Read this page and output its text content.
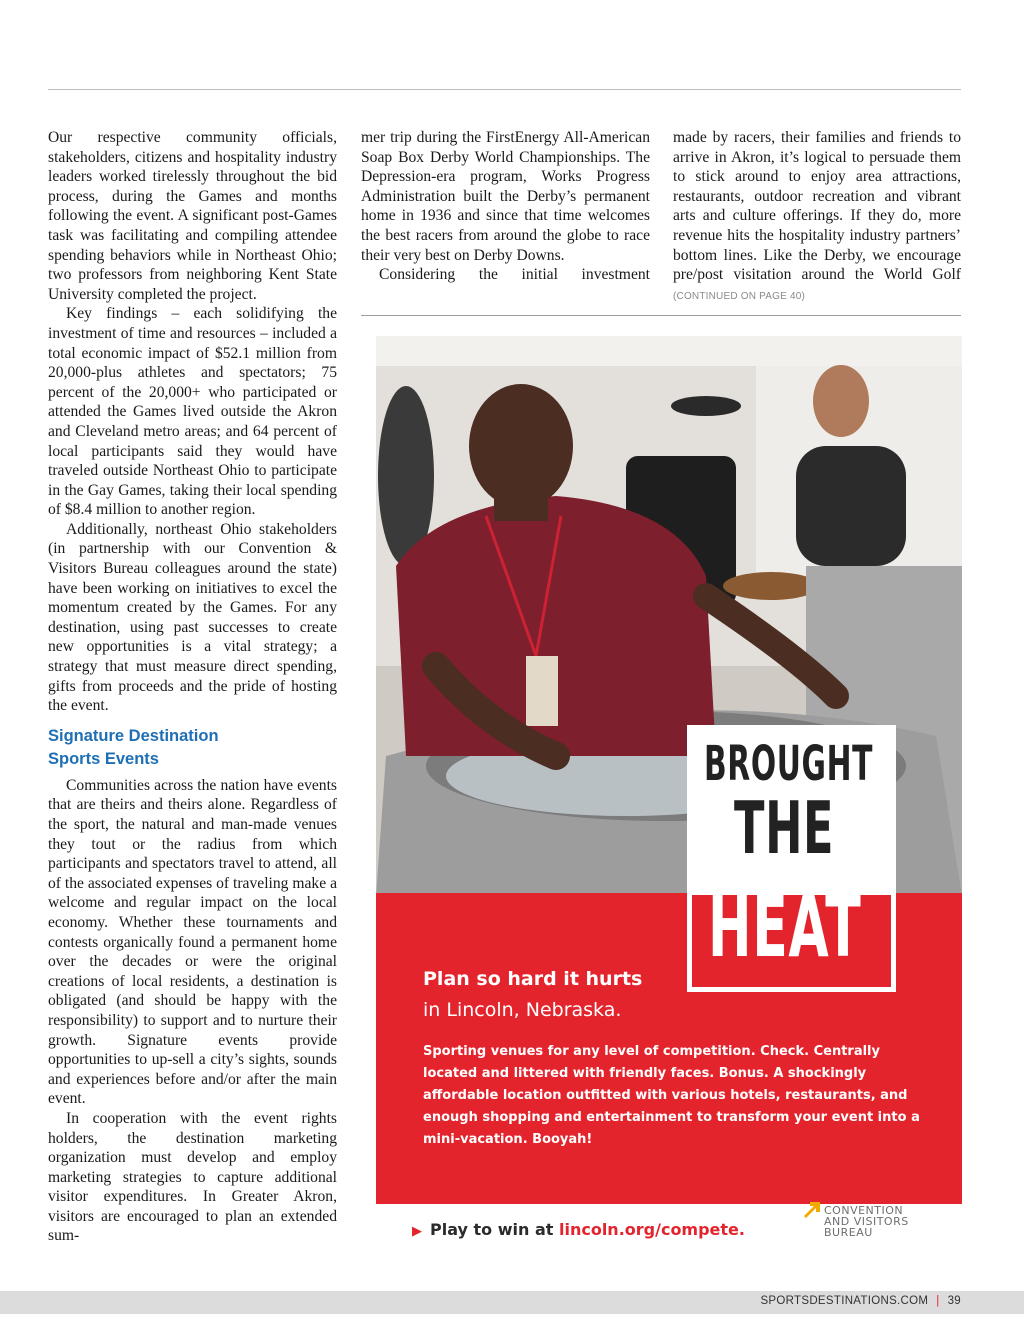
Our respective community officials, stakeholders, citizens and hospitality industry leaders worked tirelessly throughout the bid process, during the Games and months following the event. A significant post-Games task was facilitating and compiling attendee spending behaviors while in Northeast Ohio; two professors from neighboring Kent State University completed the project.

Key findings – each solidifying the investment of time and resources – included a total economic impact of $52.1 million from 20,000-plus athletes and spectators; 75 percent of the 20,000+ who participated or attended the Games lived outside the Akron and Cleveland metro areas; and 64 percent of local participants said they would have traveled outside Northeast Ohio to participate in the Gay Games, taking their local spending of $8.4 million to another region.

Additionally, northeast Ohio stakeholders (in partnership with our Convention & Visitors Bureau colleagues around the state) have been working on initiatives to excel the momentum created by the Games. For any destination, using past successes to create new opportunities is a vital strategy; a strategy that must measure direct spending, gifts from proceeds and the pride of hosting the event.

Signature Destination
Sports Events

Communities across the nation have events that are theirs and theirs alone. Regardless of the sport, the natural and man-made venues they tout or the radius from which participants and spectators travel to attend, all of the associated expenses of traveling make a welcome and regular impact on the local economy. Whether these tournaments and contests organically found a permanent home over the decades or were the original creations of local residents, a destination is obligated (and should be happy with the responsibility) to support and to nurture their growth. Signature events provide opportunities to up-sell a city’s sights, sounds and experiences before and/or after the main event.

In cooperation with the event rights holders, the destination marketing organization must develop and employ marketing strategies to capture additional visitor expenditures. In Greater Akron, visitors are encouraged to plan an extended sum-

mer trip during the FirstEnergy All-American Soap Box Derby World Championships. The Depression-era program, Works Progress Administration built the Derby’s permanent home in 1936 and since that time welcomes the best racers from around the globe to race their very best on Derby Downs.

Considering the initial investment

made by racers, their families and friends to arrive in Akron, it’s logical to persuade them to stick around to enjoy area attractions, restaurants, outdoor recreation and vibrant arts and culture offerings. If they do, more revenue hits the hospitality industry partners’ bottom lines. Like the Derby, we encourage pre/post visitation around the World Golf (CONTINUED ON PAGE 40)

BROUGHT
THE
HEAT
Plan so hard it hurts
in Lincoln, Nebraska.
Sporting venues for any level of competition. Check. Centrally located and littered with friendly faces. Bonus. A shockingly affordable location outfitted with various hotels, restaurants, and enough shopping and entertainment to transform your event into a mini-vacation. Booyah!
▶ Play to win at lincoln.org/compete.
LINCOLN
CONVENTION
AND VISITORS
BUREAU
SPORTSDESTINATIONS.COM | 39
